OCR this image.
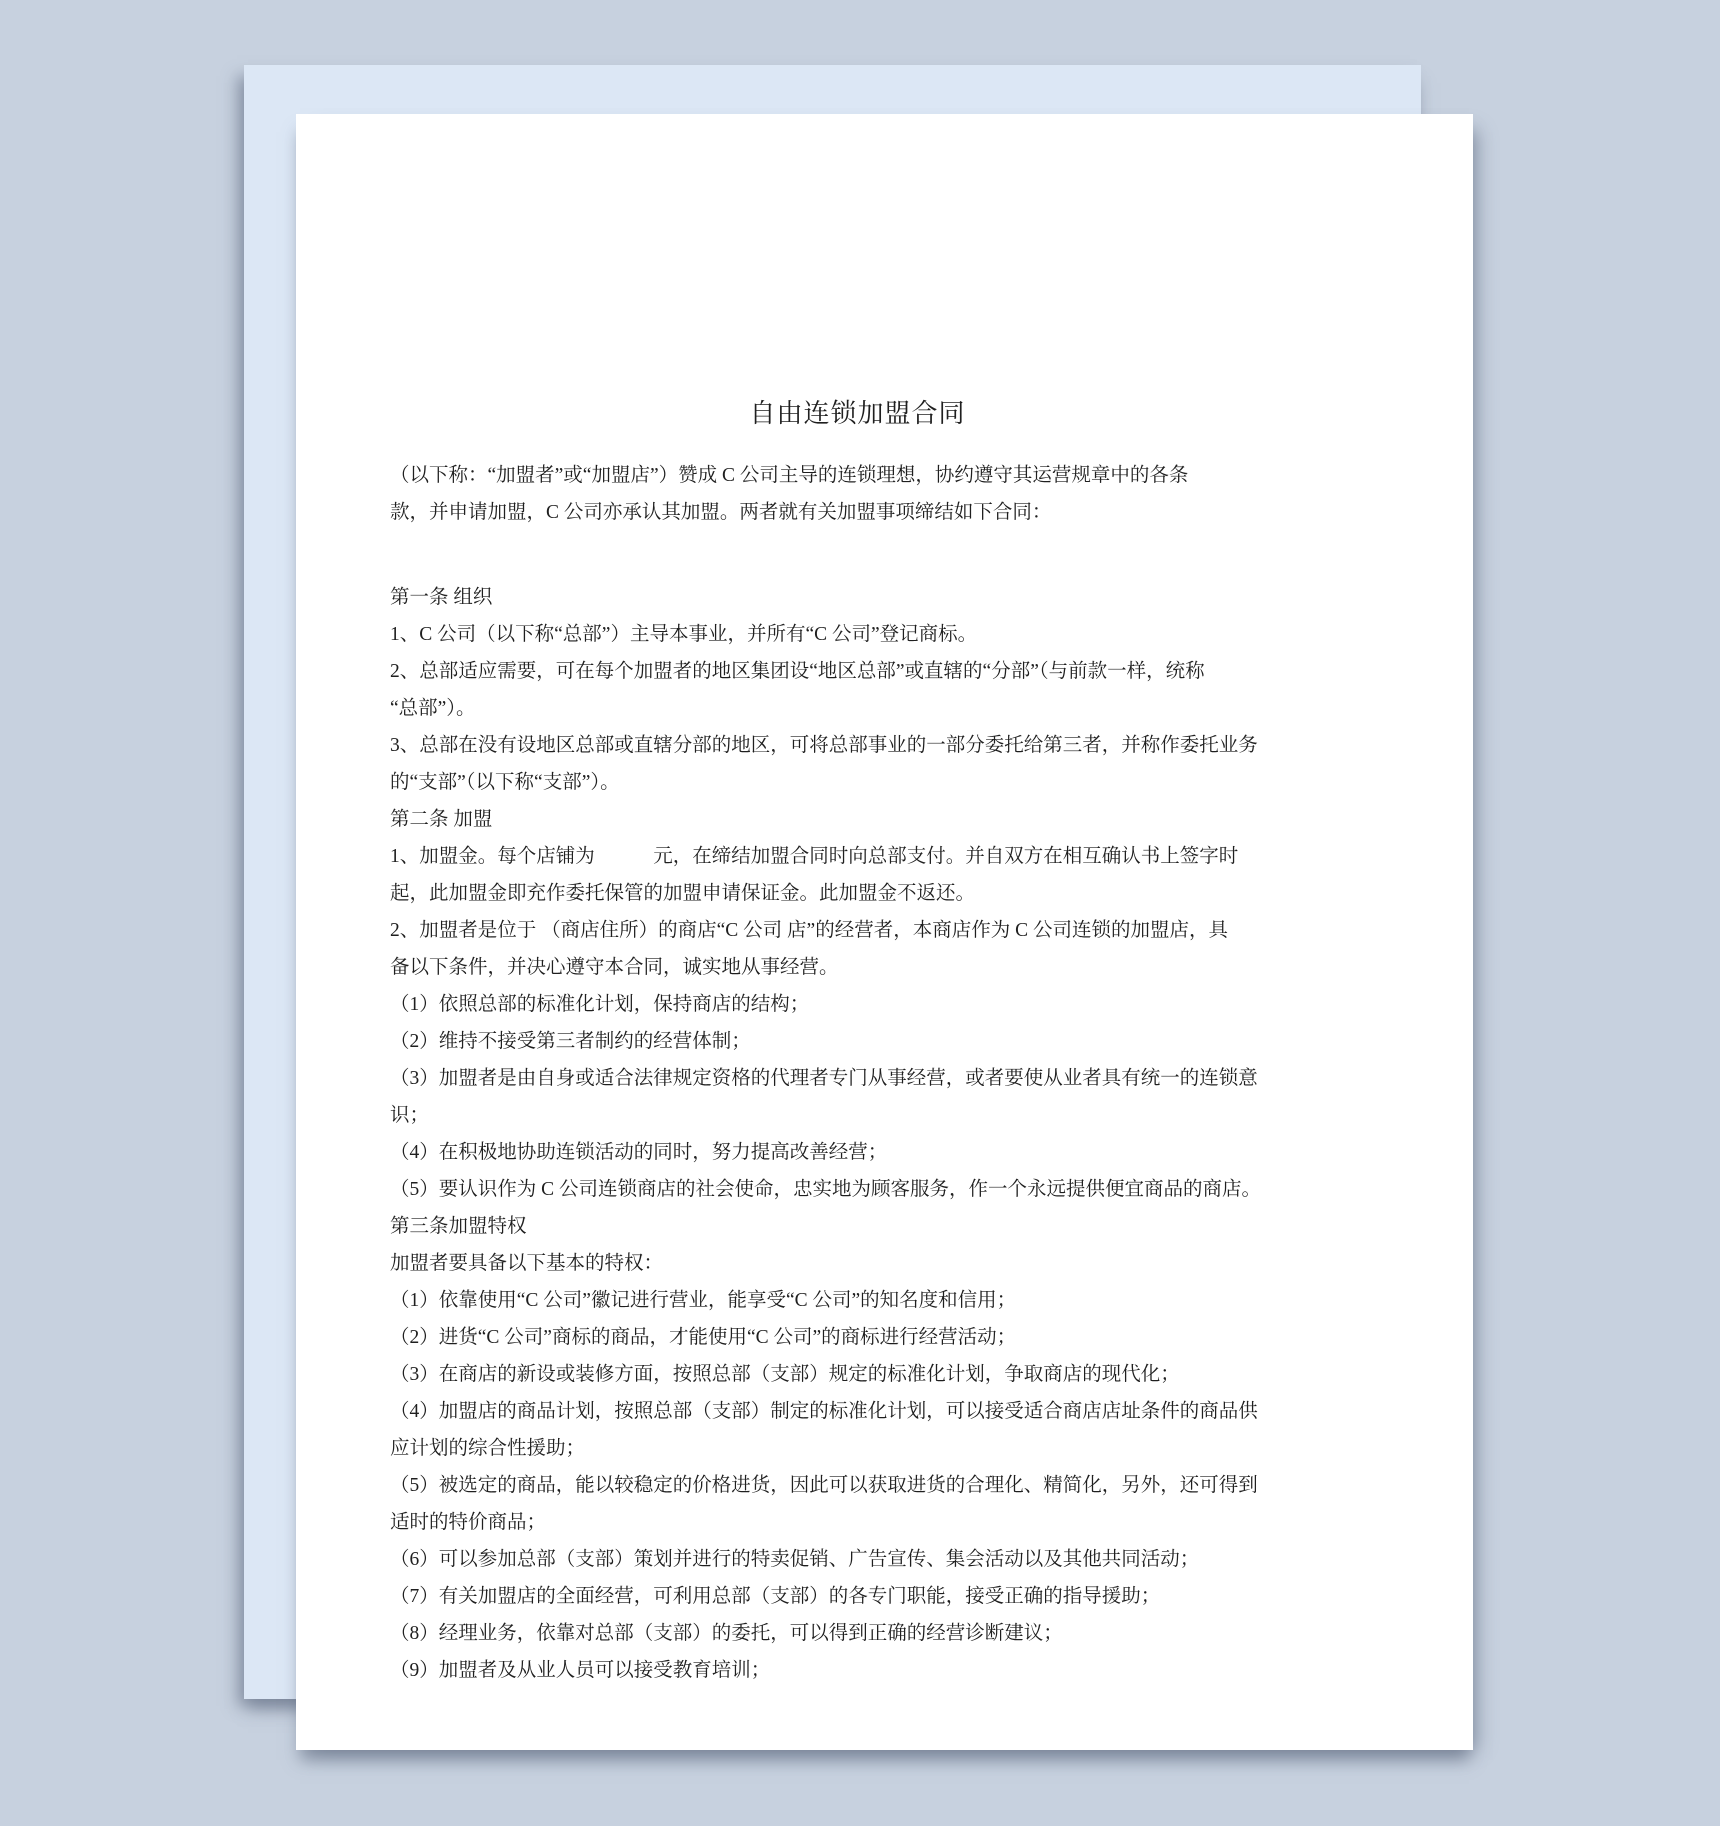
自由连锁加盟合同
（以下称：“加盟者”或“加盟店”）赞成 C 公司主导的连锁理想，协约遵守其运营规章中的各条
款，并申请加盟，C 公司亦承认其加盟。两者就有关加盟事项缔结如下合同：
第一条 组织
1、C 公司（以下称“总部”）主导本事业，并所有“C 公司”登记商标。
2、总部适应需要，可在每个加盟者的地区集团设“地区总部”或直辖的“分部”（与前款一样，统称
“总部”）。
3、总部在没有设地区总部或直辖分部的地区，可将总部事业的一部分委托给第三者，并称作委托业务
的“支部”（以下称“支部”）。
第二条 加盟
1、加盟金。每个店铺为　　　元，在缔结加盟合同时向总部支付。并自双方在相互确认书上签字时
起，此加盟金即充作委托保管的加盟申请保证金。此加盟金不返还。
2、加盟者是位于 （商店住所）的商店“C 公司 店”的经营者，本商店作为 C 公司连锁的加盟店，具
备以下条件，并决心遵守本合同，诚实地从事经营。
（1）依照总部的标准化计划，保持商店的结构；
（2）维持不接受第三者制约的经营体制；
（3）加盟者是由自身或适合法律规定资格的代理者专门从事经营，或者要使从业者具有统一的连锁意
识；
（4）在积极地协助连锁活动的同时，努力提高改善经营；
（5）要认识作为 C 公司连锁商店的社会使命，忠实地为顾客服务，作一个永远提供便宜商品的商店。
第三条加盟特权
加盟者要具备以下基本的特权：
（1）依靠使用“C 公司”徽记进行营业，能享受“C 公司”的知名度和信用；
（2）进货“C 公司”商标的商品，才能使用“C 公司”的商标进行经营活动；
（3）在商店的新设或装修方面，按照总部（支部）规定的标准化计划，争取商店的现代化；
（4）加盟店的商品计划，按照总部（支部）制定的标准化计划，可以接受适合商店店址条件的商品供
应计划的综合性援助；
（5）被选定的商品，能以较稳定的价格进货，因此可以获取进货的合理化、精简化，另外，还可得到
适时的特价商品；
（6）可以参加总部（支部）策划并进行的特卖促销、广告宣传、集会活动以及其他共同活动；
（7）有关加盟店的全面经营，可利用总部（支部）的各专门职能，接受正确的指导援助；
（8）经理业务，依靠对总部（支部）的委托，可以得到正确的经营诊断建议；
（9）加盟者及从业人员可以接受教育培训；
